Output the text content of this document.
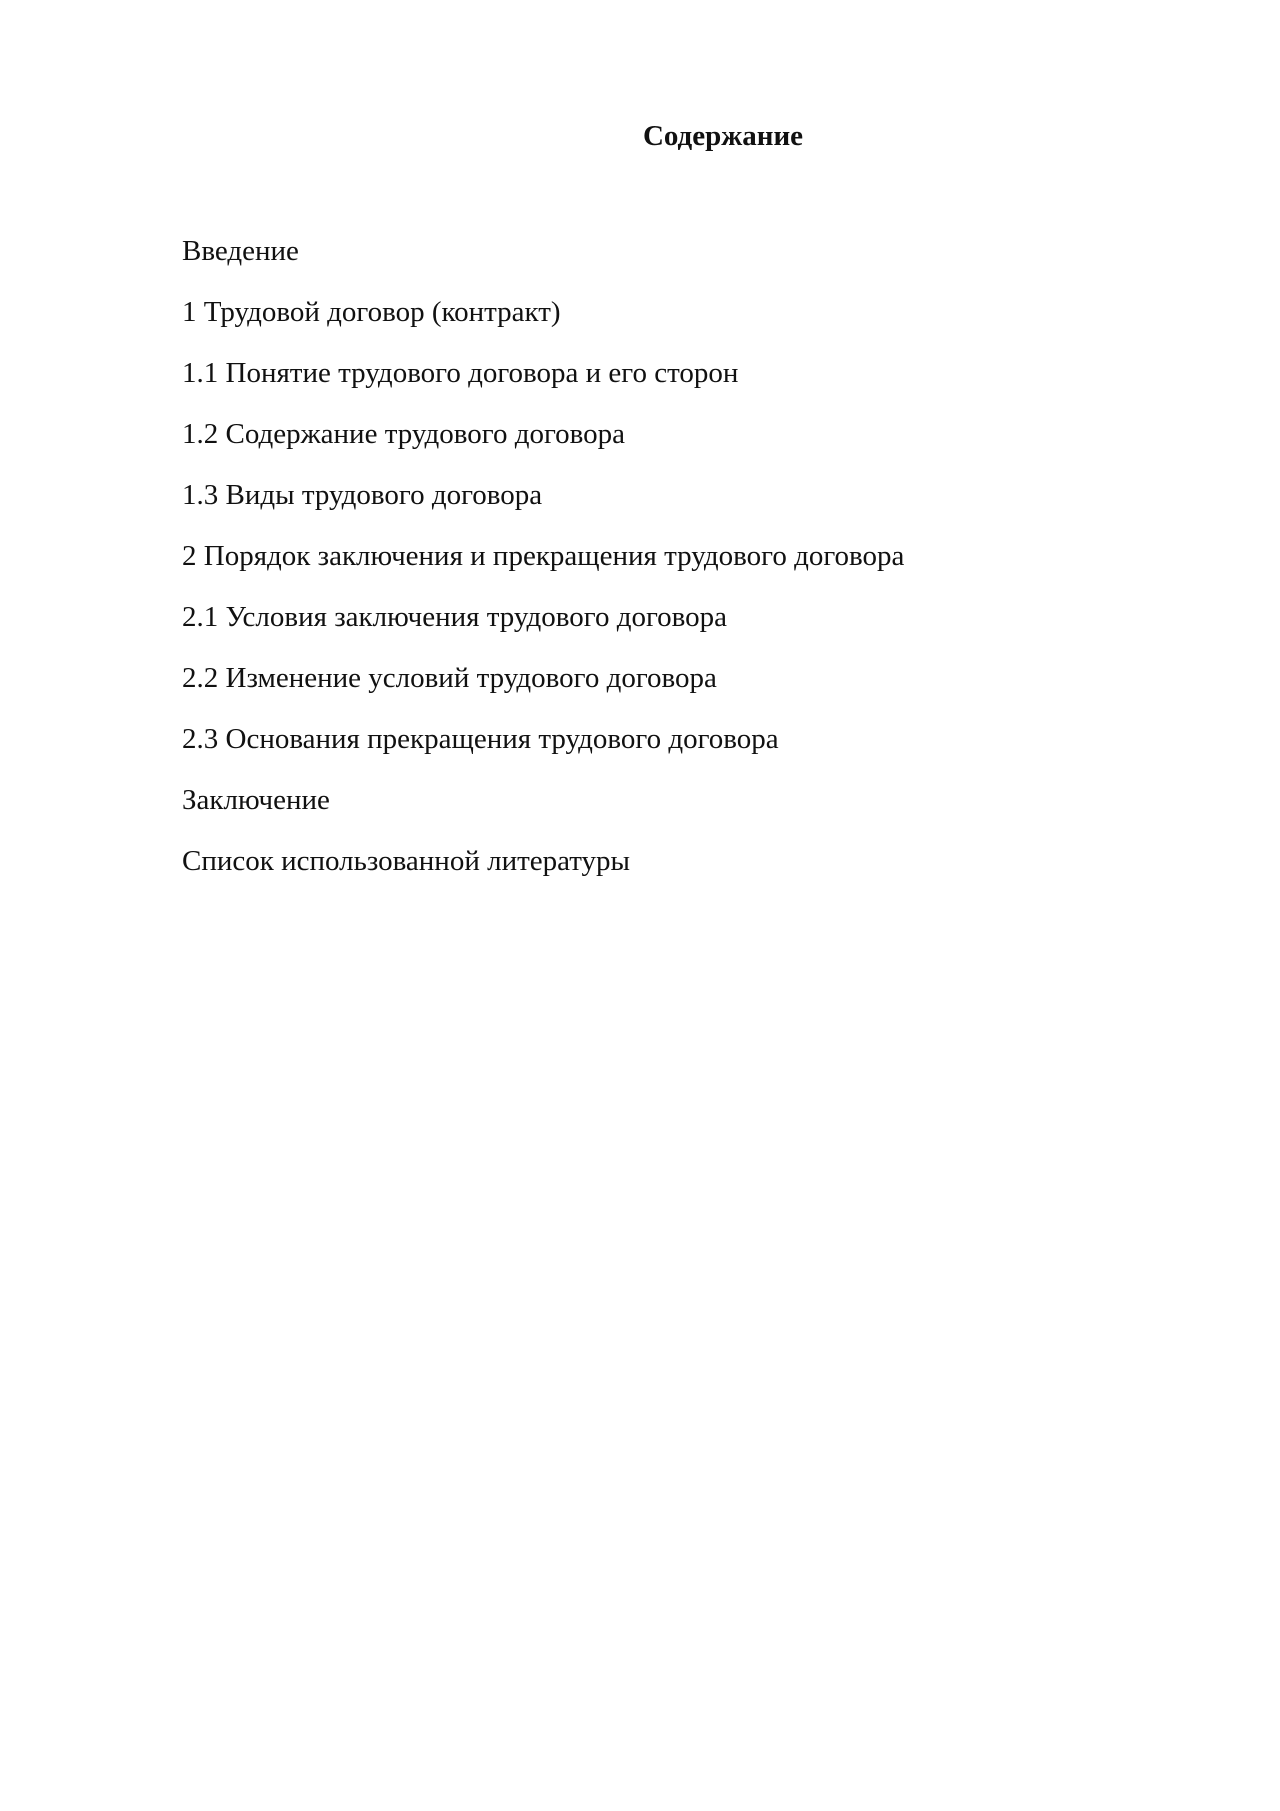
Содержание
Введение
1 Трудовой договор (контракт)
1.1 Понятие трудового договора и его сторон
1.2 Содержание трудового договора
1.3 Виды трудового договора
2 Порядок заключения и прекращения трудового договора
2.1 Условия заключения трудового договора
2.2 Изменение условий трудового договора
2.3 Основания прекращения трудового договора
Заключение
Список использованной литературы
